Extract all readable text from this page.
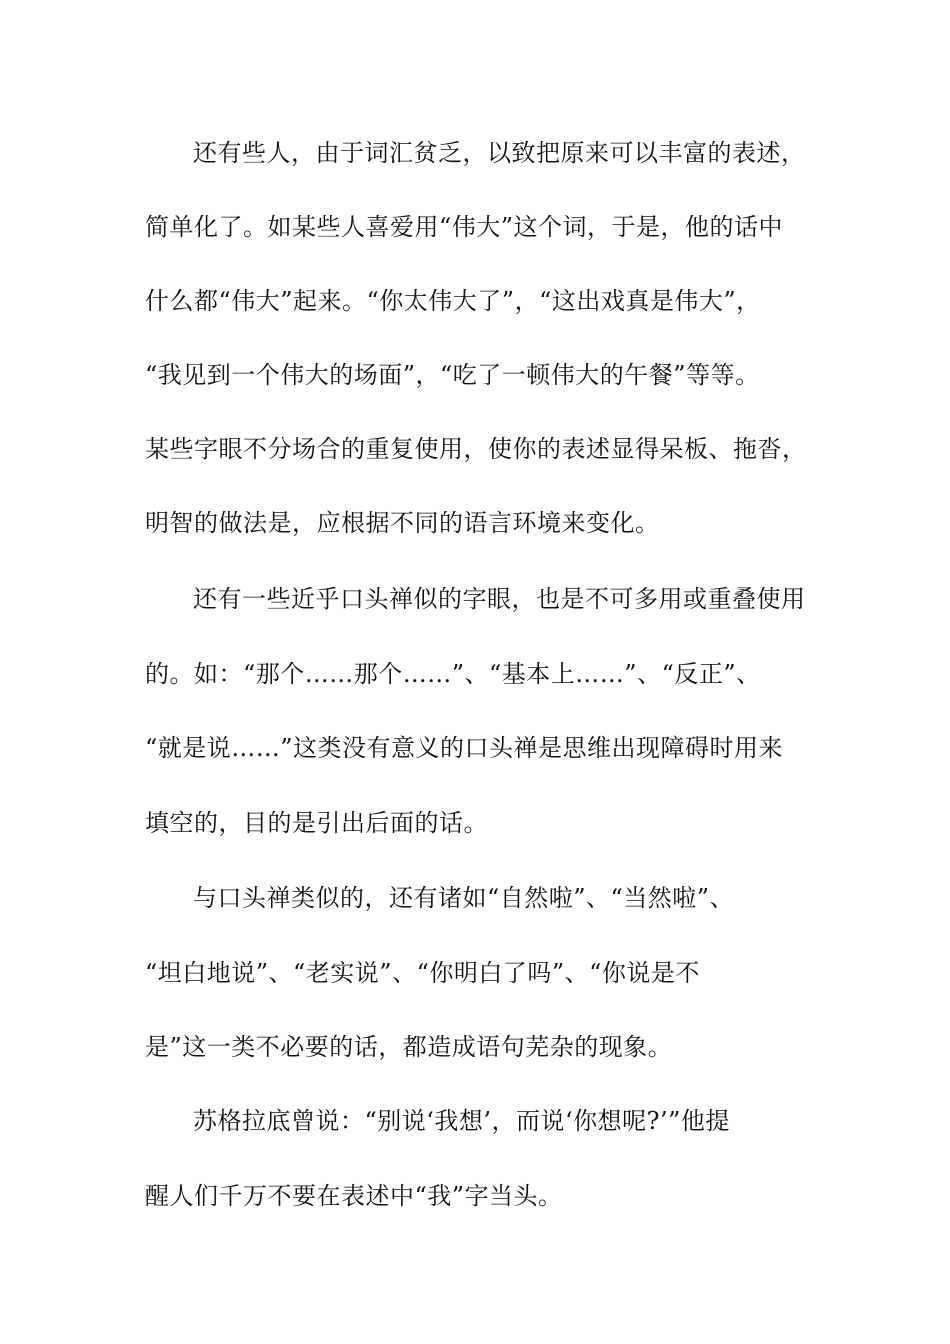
还有些人，由于词汇贫乏，以致把原来可以丰富的表述，
简单化了。如某些人喜爱用“伟大”这个词，于是，他的话中
什么都“伟大”起来。“你太伟大了”，“这出戏真是伟大”，
“我见到一个伟大的场面”，“吃了一顿伟大的午餐”等等。
某些字眼不分场合的重复使用，使你的表述显得呆板、拖沓，
明智的做法是，应根据不同的语言环境来变化。
还有一些近乎口头禅似的字眼，也是不可多用或重叠使用
的。如：“那个……那个……”、“基本上……”、“反正”、
“就是说……”这类没有意义的口头禅是思维出现障碍时用来
填空的，目的是引出后面的话。
与口头禅类似的，还有诸如“自然啦”、“当然啦”、
“坦白地说”、“老实说”、“你明白了吗”、“你说是不
是”这一类不必要的话，都造成语句芜杂的现象。
苏格拉底曾说：“别说‘我想’，而说‘你想呢?’”他提
醒人们千万不要在表述中“我”字当头。
